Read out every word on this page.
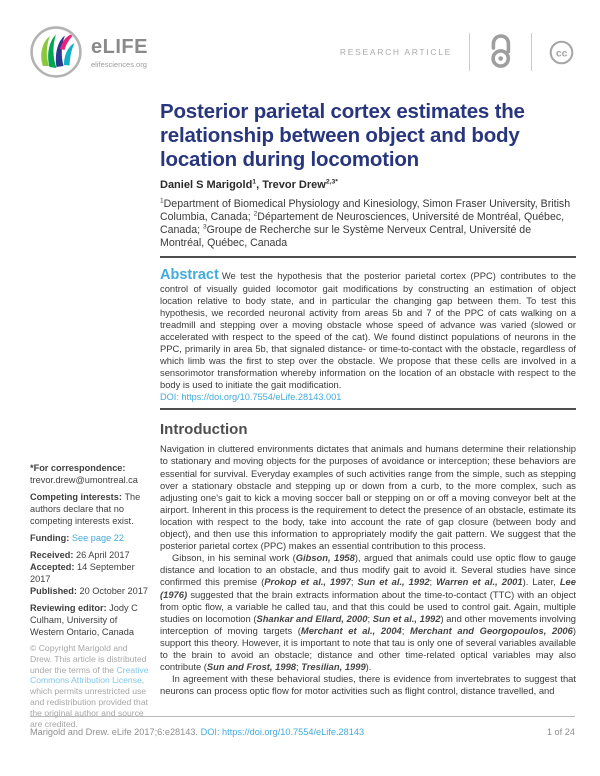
eLIFE
elifesciences.org
RESEARCH ARTICLE	cc
Posterior parietal cortex estimates the relationship between object and body location during locomotion

Daniel S Marigold$^1$, Trevor Drew$^{2,3*}$

$^1$Department of Biomedical Physiology and Kinesiology, Simon Fraser University, British Columbia, Canada; $^2$Département de Neurosciences, Université de Montréal, Québec, Canada; $^3$Groupe de Recherche sur le Système Nerveux Central, Université de Montréal, Québec, Canada

Abstract We test the hypothesis that the posterior parietal cortex (PPC) contributes to the control of visually guided locomotor gait modifications by constructing an estimation of object location relative to body state, and in particular the changing gap between them. To test this hypothesis, we recorded neuronal activity from areas 5b and 7 of the PPC of cats walking on a treadmill and stepping over a moving obstacle whose speed of advance was varied (slowed or accelerated with respect to the speed of the cat). We found distinct populations of neurons in the PPC, primarily in area 5b, that signaled distance- or time-to-contact with the obstacle, regardless of which limb was the first to step over the obstacle. We propose that these cells are involved in a sensorimotor transformation whereby information on the location of an obstacle with respect to the body is used to initiate the gait modification.

DOI: https://doi.org/10.7554/eLife.28143.001
Introduction

Navigation in cluttered environments dictates that animals and humans determine their relationship to stationary and moving objects for the purposes of avoidance or interception; these behaviors are essential for survival. Everyday examples of such activities range from the simple, such as stepping over a stationary obstacle and stepping up or down from a curb, to the more complex, such as adjusting one's gait to kick a moving soccer ball or stepping on or off a moving conveyor belt at the airport. Inherent in this process is the requirement to detect the presence of an obstacle, estimate its location with respect to the body, take into account the rate of gap closure (between body and object), and then use this information to appropriately modify the gait pattern. We suggest that the posterior parietal cortex (PPC) makes an essential contribution to this process.

Gibson, in his seminal work (Gibson, 1958), argued that animals could use optic flow to gauge distance and location to an obstacle, and thus modify gait to avoid it. Several studies have since confirmed this premise (Prokop et al., 1997; Sun et al., 1992; Warren et al., 2001). Later, Lee (1976) suggested that the brain extracts information about the time-to-contact (TTC) with an object from optic flow, a variable he called tau, and that this could be used to control gait. Again, multiple studies on locomotion (Shankar and Ellard, 2000; Sun et al., 1992) and other movements involving interception of moving targets (Merchant et al., 2004; Merchant and Georgopoulos, 2006) support this theory. However, it is important to note that tau is only one of several variables available to the brain to avoid an obstacle; distance and other time-related optical variables may also contribute (Sun and Frost, 1998; Tresilian, 1999).

In agreement with these behavioral studies, there is evidence from invertebrates to suggest that neurons can process optic flow for motor activities such as flight control, distance travelled, and

*For correspondence:
trevor.drew@umontreal.ca
Competing interests: The authors declare that no competing interests exist.
Funding: See page 22
Received: 26 April 2017
Accepted: 14 September 2017
Published: 20 October 2017
Reviewing editor: Jody C Culham, University of Western Ontario, Canada
© Copyright Marigold and Drew. This article is distributed under the terms of the Creative Commons Attribution License, which permits unrestricted use and redistribution provided that the original author and source are credited.
Marigold and Drew. eLife 2017;6:e28143. DOI: https://doi.org/10.7554/eLife.28143	1 of 24
